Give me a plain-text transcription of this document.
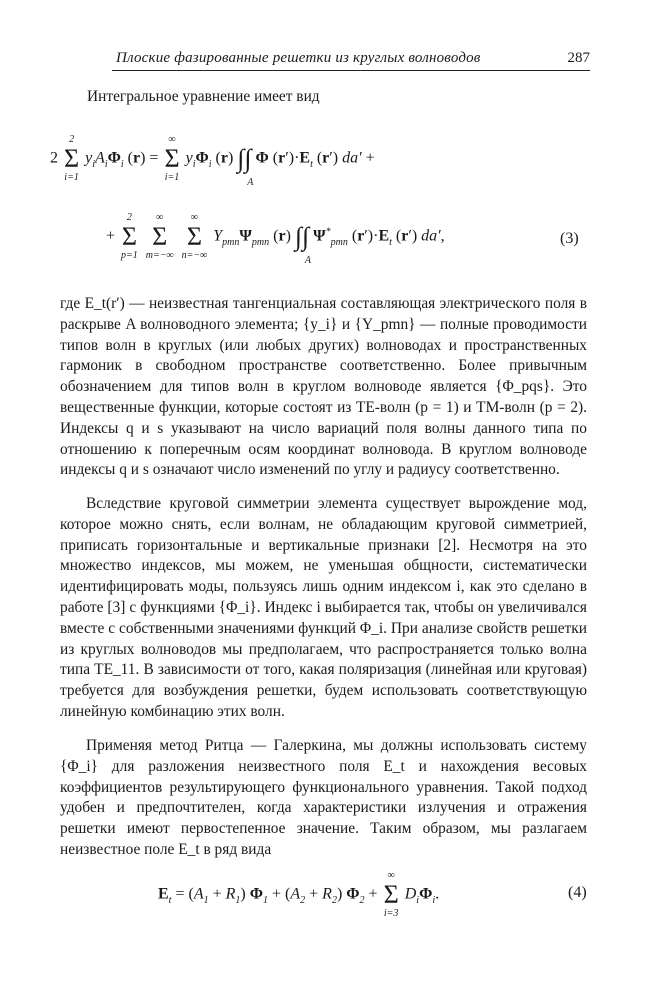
Плоские фазированные решетки из круглых волноводов	287
Интегральное уравнение имеет вид
2
2
Σ
i=1
$y_iA_i\Phi_i$ (r) =
∞
Σ
i=1
$y_i\Phi_i$ (r) ∫∫
A
Φ $(r')\cdot E_t$ (r′) da′ +
+
2
Σ
p=1

∞
Σ
m=−∞

∞
Σ
n=−∞
$Y_{pmn}\Psi_{pmn}$ (r) ∫∫
A
$\Psi^*_{pmn}$ $(r')\cdot E_t$ (r′) da′,	(3)

где E_t(r′) — неизвестная тангенциальная составляющая электрического поля в раскрыве A волноводного элемента; {y_i} и {Y_pmn} — полные проводимости типов волн в круглых (или любых других) волноводах и пространственных гармоник в свободном пространстве соответственно. Более привычным обозначением для типов волн в круглом волноводе является {Φ_pqs}. Это вещественные функции, которые состоят из TE-волн (p = 1) и TM-волн (p = 2). Индексы q и s указывают на число вариаций поля волны данного типа по отношению к поперечным осям координат волновода. В круглом волноводе индексы q и s означают число изменений по углу и радиусу соответственно.

Вследствие круговой симметрии элемента существует вырождение мод, которое можно снять, если волнам, не обладающим круговой симметрией, приписать горизонтальные и вертикальные признаки [2]. Несмотря на это множество индексов, мы можем, не уменьшая общности, систематически идентифицировать моды, пользуясь лишь одним индексом i, как это сделано в работе [3] с функциями {Φ_i}. Индекс i выбирается так, чтобы он увеличивался вместе с собственными значениями функций Φ_i. При анализе свойств решетки из круглых волноводов мы предполагаем, что распространяется только волна типа TE_11. В зависимости от того, какая поляризация (линейная или круговая) требуется для возбуждения решетки, будем использовать соответствующую линейную комбинацию этих волн.

Применяя метод Ритца — Галеркина, мы должны использовать систему {Φ_i} для разложения неизвестного поля E_t и нахождения весовых коэффициентов результирующего функционального уравнения. Такой подход удобен и предпочтителен, когда характеристики излучения и отражения решетки имеют первостепенное значение. Таким образом, мы разлагаем неизвестное поле E_t в ряд вида

$E_t = (A_1 + R_1) \Phi_1 + (A_2 + R_2) \Phi_2$ +
∞
Σ
i=3
$D_i\Phi_i$.	(4)
